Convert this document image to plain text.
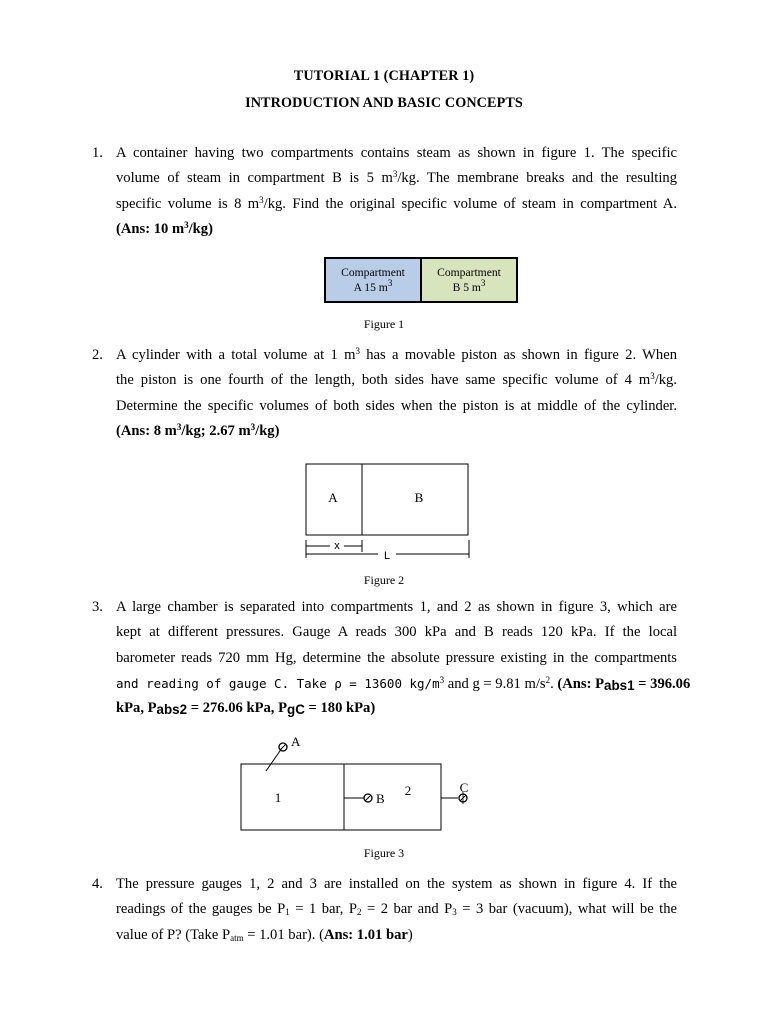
TUTORIAL 1 (CHAPTER 1)
INTRODUCTION AND BASIC CONCEPTS
1. A container having two compartments contains steam as shown in figure 1. The specific
volume of steam in compartment B is 5 $m^3/kg$. The membrane breaks and the resulting
specific volume is 8 $m^3/kg$. Find the original specific volume of steam in compartment A.
(Ans: 10 $m^3/kg$)
Compartment
A 15 $m^3$
Compartment
B 5 $m^3$
Figure 1
2. A cylinder with a total volume at 1 $m^3$ has a movable piston as shown in figure 2. When
the piston is one fourth of the length, both sides have same specific volume of 4 $m^3/kg$.
Determine the specific volumes of both sides when the piston is at middle of the cylinder.
(Ans: 8 $m^3/kg$; 2.67 $m^3/kg$)
A	B
x
L
Figure 2
3. A large chamber is separated into compartments 1, and 2 as shown in figure 3, which are
kept at different pressures. Gauge A reads 300 kPa and B reads 120 kPa. If the local
barometer reads 720 mm Hg, determine the absolute pressure existing in the compartments
and reading of gauge C. Take ρ = 13600 $kg/m^3$ and g = 9.81 $m/s^2$. (Ans: $P_{abs1} = 396.06$
kPa, $P_{abs2} = 276.06$ kPa, $P_{gC} = 180$ kPa)
A
1	B
2	C
Figure 3
4. The pressure gauges 1, 2 and 3 are installed on the system as shown in figure 4. If the
readings of the gauges be $P_1 = 1$ bar, $P_2 = 2$ bar and $P_3 = 3$ bar (vacuum), what will be the
value of P? (Take $P_{atm} = 1.01$ bar). (Ans: 1.01 bar)
